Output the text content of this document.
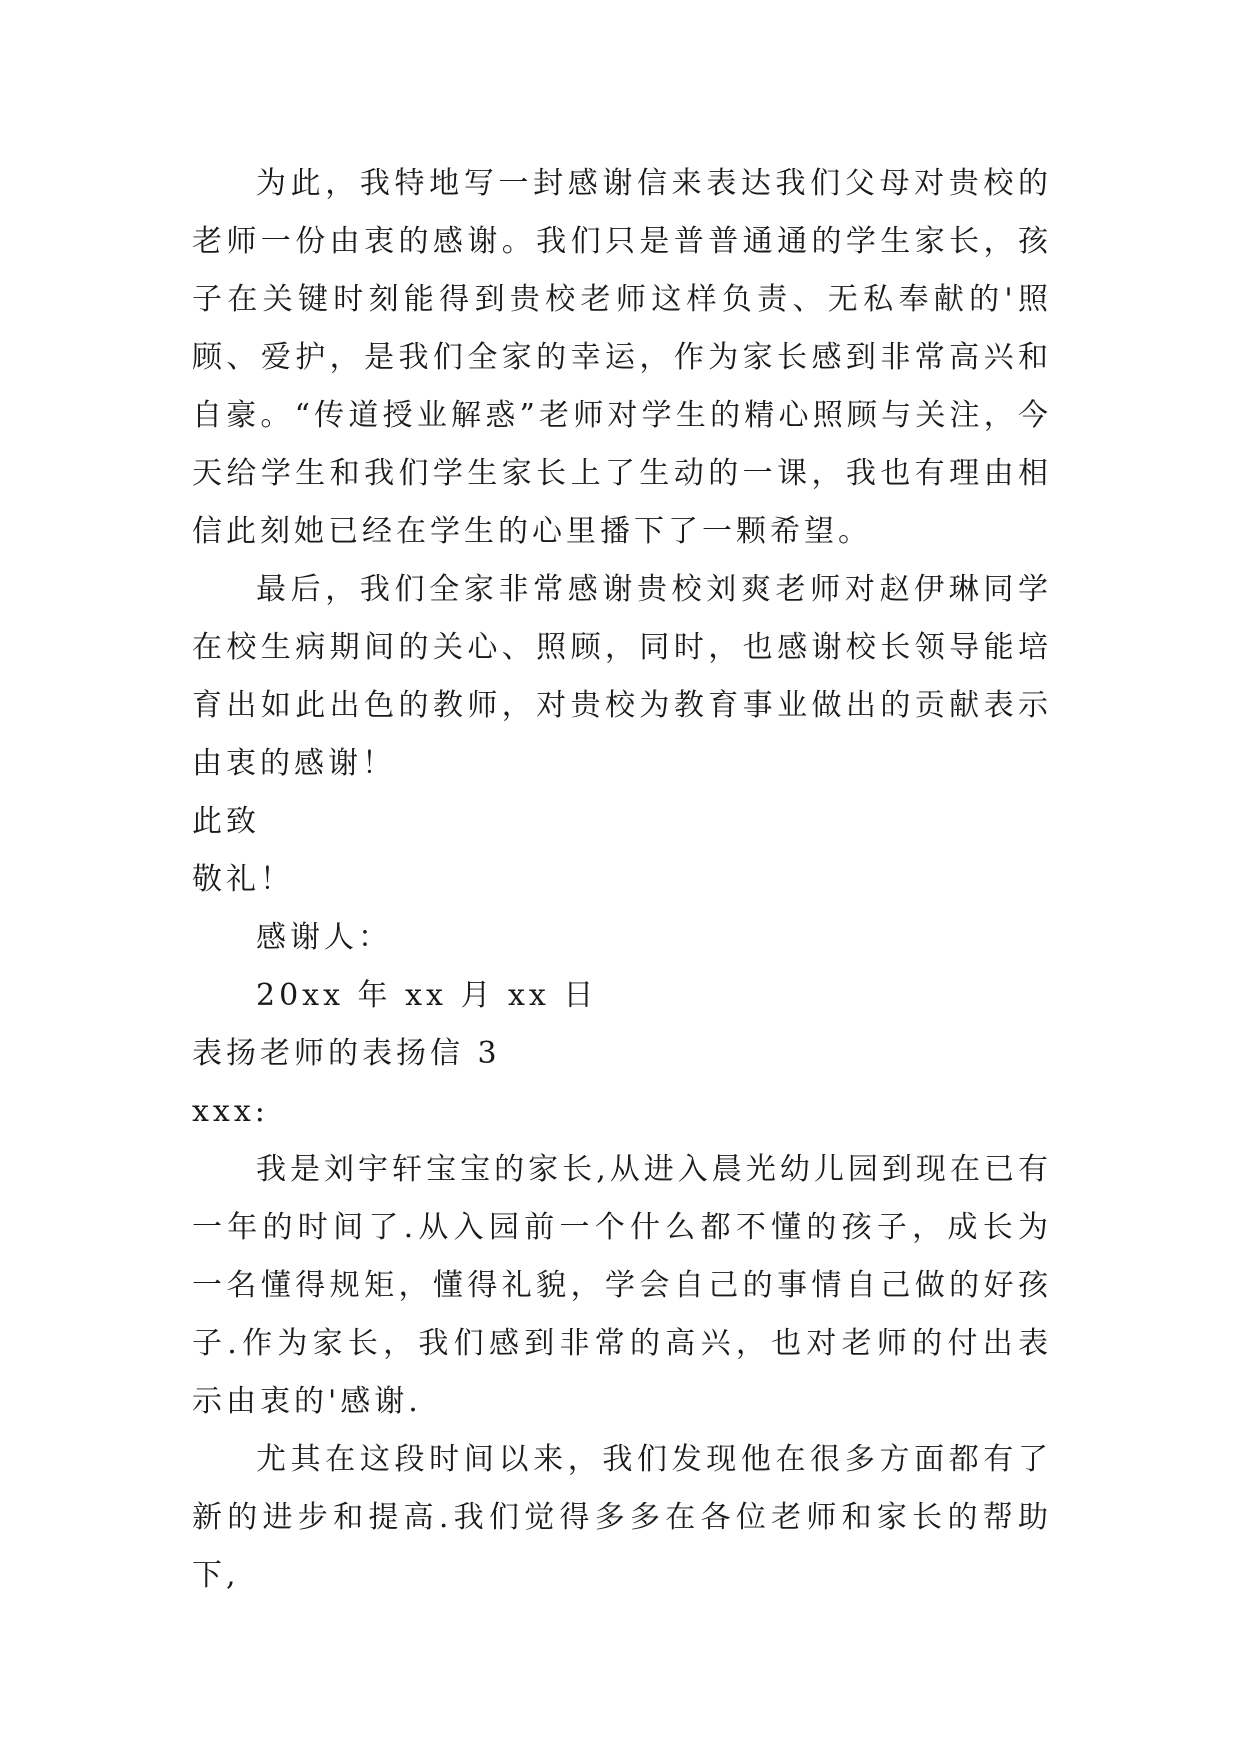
为此，我特地写一封感谢信来表达我们父母对贵校的老师一份由衷的感谢。我们只是普普通通的学生家长，孩子在关键时刻能得到贵校老师这样负责、无私奉献的'照顾、爱护，是我们全家的幸运，作为家长感到非常高兴和自豪。“传道授业解惑”老师对学生的精心照顾与关注，今天给学生和我们学生家长上了生动的一课，我也有理由相信此刻她已经在学生的心里播下了一颗希望。

最后，我们全家非常感谢贵校刘爽老师对赵伊琳同学在校生病期间的关心、照顾，同时，也感谢校长领导能培育出如此出色的教师，对贵校为教育事业做出的贡献表示由衷的感谢！

此致

敬礼！

感谢人：

20xx 年 xx 月 xx 日

表扬老师的表扬信 3

xxx:

我是刘宇轩宝宝的家长,从进入晨光幼儿园到现在已有一年的时间了.从入园前一个什么都不懂的孩子，成长为一名懂得规矩，懂得礼貌，学会自己的事情自己做的好孩子.作为家长，我们感到非常的高兴，也对老师的付出表示由衷的'感谢.

尤其在这段时间以来，我们发现他在很多方面都有了新的进步和提高.我们觉得多多在各位老师和家长的帮助下,
